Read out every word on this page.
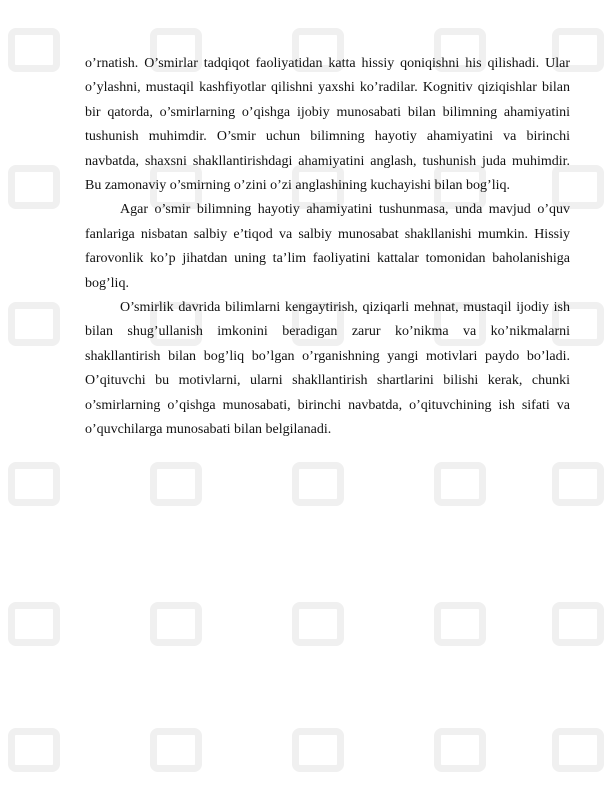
o’rnatish. O’smirlar tadqiqot faoliyatidan katta hissiy qoniqishni his qilishadi. Ular o’ylashni, mustaqil kashfiyotlar qilishni yaxshi ko’radilar. Kognitiv qiziqishlar bilan bir qatorda, o’smirlarning o’qishga ijobiy munosabati bilan bilimning ahamiyatini tushunish muhimdir. O’smir uchun bilimning hayotiy ahamiyatini va birinchi navbatda, shaxsni shakllantirishdagi ahamiyatini anglash, tushunish juda muhimdir. Bu zamonaviy o’smirning o’zini o’zi anglashining kuchayishi bilan bog’liq.

Agar o’smir bilimning hayotiy ahamiyatini tushunmasa, unda mavjud o’quv fanlariga nisbatan salbiy e’tiqod va salbiy munosabat shakllanishi mumkin. Hissiy farovonlik ko’p jihatdan uning ta’lim faoliyatini kattalar tomonidan baholanishiga bog’liq.

O’smirlik davrida bilimlarni kengaytirish, qiziqarli mehnat, mustaqil ijodiy ish bilan shug’ullanish imkonini beradigan zarur ko’nikma va ko’nikmalarni shakllantirish bilan bog’liq bo’lgan o’rganishning yangi motivlari paydo bo’ladi. O’qituvchi bu motivlarni, ularni shakllantirish shartlarini bilishi kerak, chunki o’smirlarning o’qishga munosabati, birinchi navbatda, o’qituvchining ish sifati va o’quvchilarga munosabati bilan belgilanadi.
